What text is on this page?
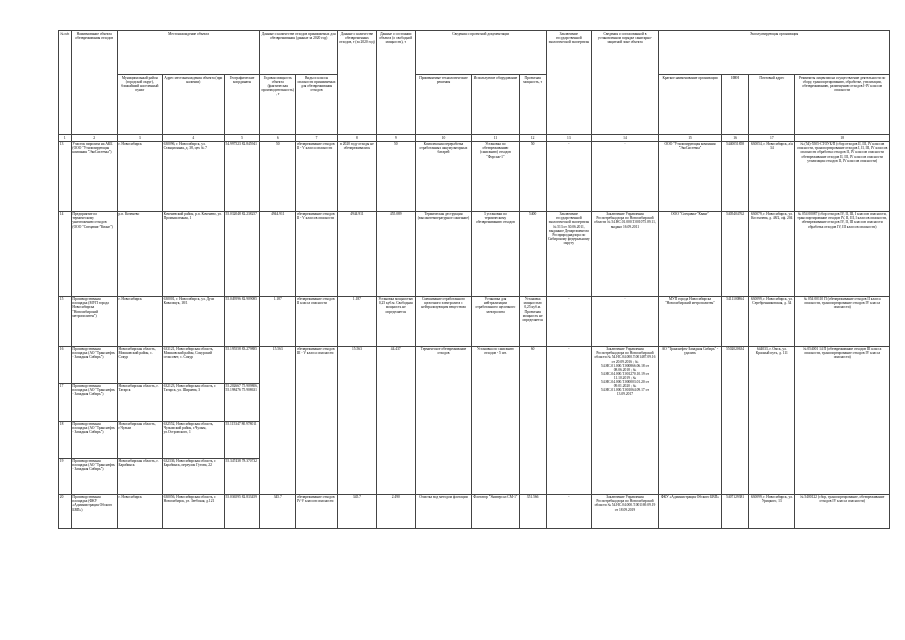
№ п/п	Наименование объекта обезвреживания отходов	Местонахождение объекта			Данные о количестве отходов принимаемых для обезвреживания (данные за 2020 год)		Данные о количестве обезвреженных отходов, т (за 2020 год)	Данные о состоянии объекта (о свободной мощности), т	Сведения о проектной документации			Заключение государственной экологической экспертизы	Сведения о согласованной в установленном порядке санитарно-защитной зоне объекта	Эксплуатирующая организация			
		Муниципальный район (городской округ), ближайший населенный пункт	Адрес местонахождения объекта (при наличии)	Географические координаты	Годовая мощность объекта (фактическая производительность), т	Виды и классы опасности принимаемых для обезвреживания отходов			Применяемые технологические решения	Используемое оборудование	Проектная мощность, т			Краткое наименование организации	ИНН	Почтовый адрес	Реквизиты лицензии на осуществление деятельности по сбору, транспортированию, обработке, утилизации, обезвреживанию, размещению отходов I-IV классов опасности
1	2	3	4	5	6	7	8	9	10	11	12	13	14	15	16	17	18
13	Участок пиролиза на АКБ (ООО "Утилизирующая компания "ЭкоСистемы")	г. Новосибирск	630096, г. Новосибирск, ул. Станционная, д. 38, цех № 7	54.997523 82.845941	50	обезвреживание отходов II - V класса опасности	в 2020 году отходы не обезвреживались	50	Комплексная переработка отработанных аккумуляторных батарей	Установка по обезвреживанию (сжиганию) отходов "Форсаж-1"	50	-	-	ООО "Утилизирующая компания "ЭкоСистемы"	5440051858	630054, г. Новосибирск, а/я 34	№ (54)-5505-СТОУБ/П (сбор отходов II, III, IV классов опасности, транспортирование отходов I, II, III, IV классов опасности обработка отходов II, IV классов опасности обезвреживание отходов II, III, IV классов опасности утилизация отходов II, IV классов опасности)
14	Предприятие по термическому уничтожению отходов (ООО "Спецавиа-"Кванг")	р.п. Коченево	Коченевский район, р.п. Коченево, ул. Промышленная, 1	55.032048 82.238257	4944.911	обезвреживание отходов II - V классов опасности	4944.911	455.089	Термическая деструкция (высокотемпературное сжигание)	3 установки по термическому обезвреживанию отходов	5400	Заключение государственной экологической экспертизы № 513 от 30.06.2011, выданное Департаментом Росприроднадзора по Сибирскому федеральному округу	Заключение Управления Роспотребнадзора по Новосибирской области № 54.НС.01.000.Т.001075.09.11, выдано 16.09.2011	ООО "Спецавиа-"Кванг"	5405404762	630079, г. Новосибирск, ул. Костычева, д. 48/2, оф. 204	№ 054 00087 (сбор отходов IV, II, III, I классов опасности, транспортирование отходов IV, II, III, I классов опасности, обезвреживание отходов IV, II, III классов опасности обработка отходов IV, III классов опасности)
15	Производственная площадка (МУП города Новосибирска "Новосибирский метрополитен")	г. Новосибирск	630001, г. Новосибирск, ул. Дуси Ковальчук, 18/1	55.049596 82.909085	1.187	обезвреживание отходов II класса опасности	1.187	Установка мощностью 0,25 куб.м. Свободная мощность не определяется	Смешивание отработанного щелочного электролита с нейтрализующим веществом	Установка для нейтрализации отработанного щелочного электролита	Установка мощностью 0,25 куб.м. Проектная мощность не определяется	-	-	МУП города Новосибирска "Новосибирский метрополитен"	5411100864	630099, г. Новосибирск, ул. Серебренниковская, д. 34	№ 054 00110 П (обезвреживание отходов II класса опасности, транспортирование отходов IV класса опасности)
16	Производственная площадка (АО "Транснефть - Западная Сибирь")	Новосибирская область, Мошковский район, с. Сокур	633121, Новосибирская область, Мошковский район, Сокурский сельсовет, с. Сокур	55.195558 83.279885	15.563	обезвреживание отходов III - V класса опасности	15.563	44.437	Термическое обезвреживание отходов	Установка по сжиганию отходов - 5 шт.	60	-	Заключение Управления Роспотребнадзора по Новосибирской области № 54.НС.04.000.Т.001487.09.16 от 20.09.2016 ; № 54.НС.01.000.Т.000866.06.18 от 08.06.2018 ; № 54.НС.04.000.Т.001270.10.19 от 11.10.2019 ; № 54.НС.04.000.Т.000003.01.20 от 09.01.2020 ; № 54.НС.01.000.Т.001064.09.17 от 13.09.2017	АО "Транснефть-Западная Сибирь" - удалить	5502020634	644033, г. Омск, ул. Красный путь, д. 111	№ 054001 14 П (обезвреживание отходов III класса опасности, транспортирование отходов IV класса опасности)
17	Производственная площадка (АО "Транснефть - Западная Сибирь")	Новосибирская область, г. Татарск	632123, Новосибирская область, г. Татарск, ул. Ширяева, 3	55.202667 75.909806, 55.198476 75.908631													
18	Производственная площадка (АО "Транснефть - Западная Сибирь")	Новосибирская область, г.Чулым	632552, Новосибирская область, Чулымский район, г.Чулым, ул.Островского, 1	55.115347 80.978011													
19	Производственная площадка (АО "Транснефть - Западная Сибирь")	Новосибирская область, г. Барабинск	632336, Новосибирская область, г. Барабинск, переулок Гутова, 22	55.347438 78.370732													
20	Производственная площадка (ФКУ «Администрация Обского БВП»)	г. Новосибирск	630056, Новосибирская область, г. Новосибирск, ул. Зеебская, д.121	55.036595 82.833459	345.7	обезвреживание отходов IV-V классов опасности	345.7	2.490	Очистка вод методом флотации	Флотатор "Универсал СМ-1"	351.566	-	Заключение Управления Роспотребнадзора по Новосибирской области № 54.НС.04.000.Т.001169.09.19 от 18.09.2019	ФКУ «Администрация Обского БВП»	5407129381	630099, г. Новосибирск, ул. Урицкого, 13	№ 5400122 (сбор, транспортирование, обезвреживание отходов IV класса опасности)
